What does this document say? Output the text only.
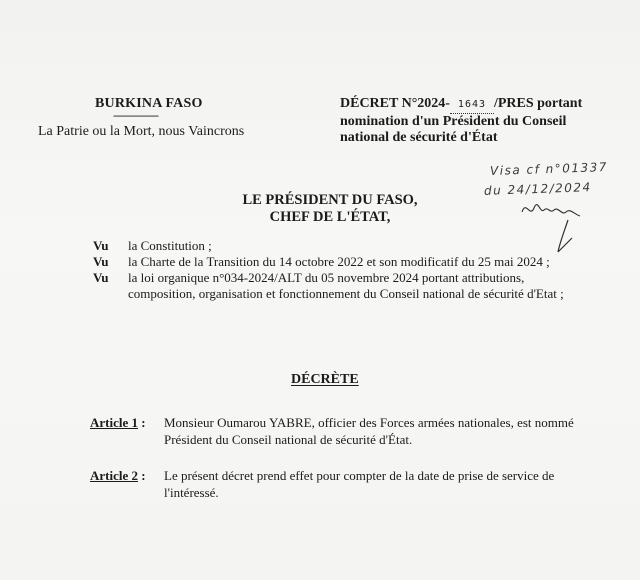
BURKINA FASO
---------------
La Patrie ou la Mort, nous Vaincrons
DÉCRET N°2024- 1643 /PRES portant nomination d'un Président du Conseil national de sécurité d'État
Visa cf n°01337
du 24/12/2024
LE PRÉSIDENT DU FASO,
CHEF DE L'ÉTAT,
Vu	la Constitution ;
Vu	la Charte de la Transition du 14 octobre 2022 et son modificatif du 25 mai 2024 ;
Vu	la loi organique n°034-2024/ALT du 05 novembre 2024 portant attributions, composition, organisation et fonctionnement du Conseil national de sécurité d'Etat ;
DÉCRÈTE
Article 1 :	Monsieur Oumarou YABRE, officier des Forces armées nationales, est nommé Président du Conseil national de sécurité d'État.
Article 2 :	Le présent décret prend effet pour compter de la date de prise de service de l'intéressé.
